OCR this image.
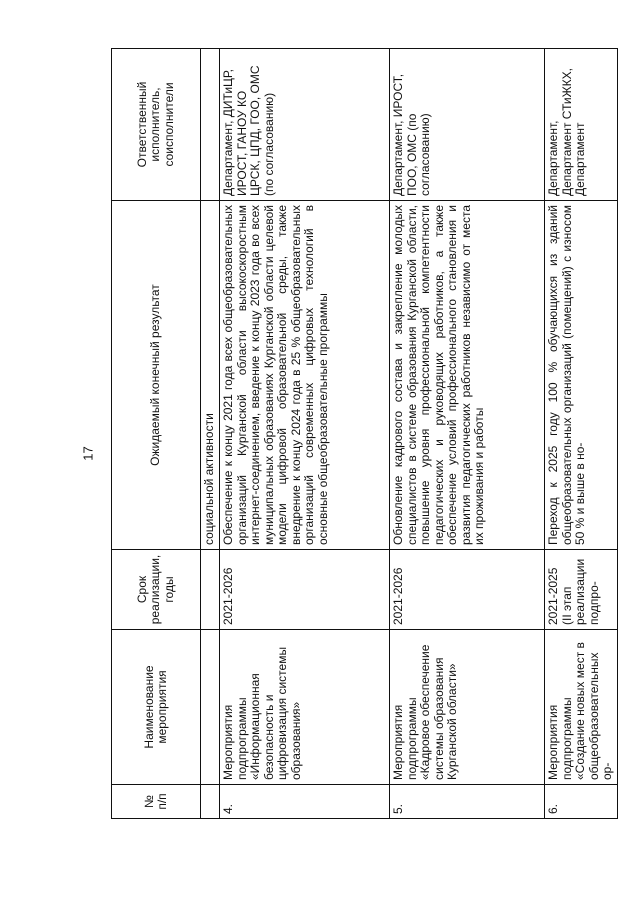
17
№ п/п	Наименование мероприятия	Срок реализации, годы	Ожидаемый конечный результат	Ответственный исполнитель, соисполнители
			социальной активности	
4.	Мероприятия подпрограммы «Информационная безопасность и цифровизация системы образования»	2021-2026	Обеспечение к концу 2021 года всех общеобразовательных организаций Курганской области высокоскоростным интернет-соединением, введение к концу 2023 года во всех муниципальных образованиях Курганской области целевой модели цифровой образовательной среды, также внедрение к концу 2024 года в 25 % общеобразовательных организаций современных цифровых технологий в основные общеобразовательные программы	Департамент, ДИТиЦР, ИРОСТ, ГАНОУ КО ЦРСК, ЦПД, ГОО, ОМС (по согласованию)
5.	Мероприятия подпрограммы «Кадровое обеспечение системы образования Курганской области»	2021-2026	Обновление кадрового состава и закрепление молодых специалистов в системе образования Курганской области, повышение уровня профессиональной компетентности педагогических и руководящих работников, а также обеспечение условий профессионального становления и развития педагогических работников независимо от места их проживания и работы	Департамент, ИРОСТ, ПОО, ОМС (по согласованию)
6.	Мероприятия подпрограммы «Создание новых мест в общеобразовательных ор-	2021-2025 (II этап реализации подпро-	Переход к 2025 году 100 % обучающихся из зданий общеобразовательных организаций (помещений) с износом 50 % и выше в но-	Департамент, Департамент СТиЖКХ, Департамент
